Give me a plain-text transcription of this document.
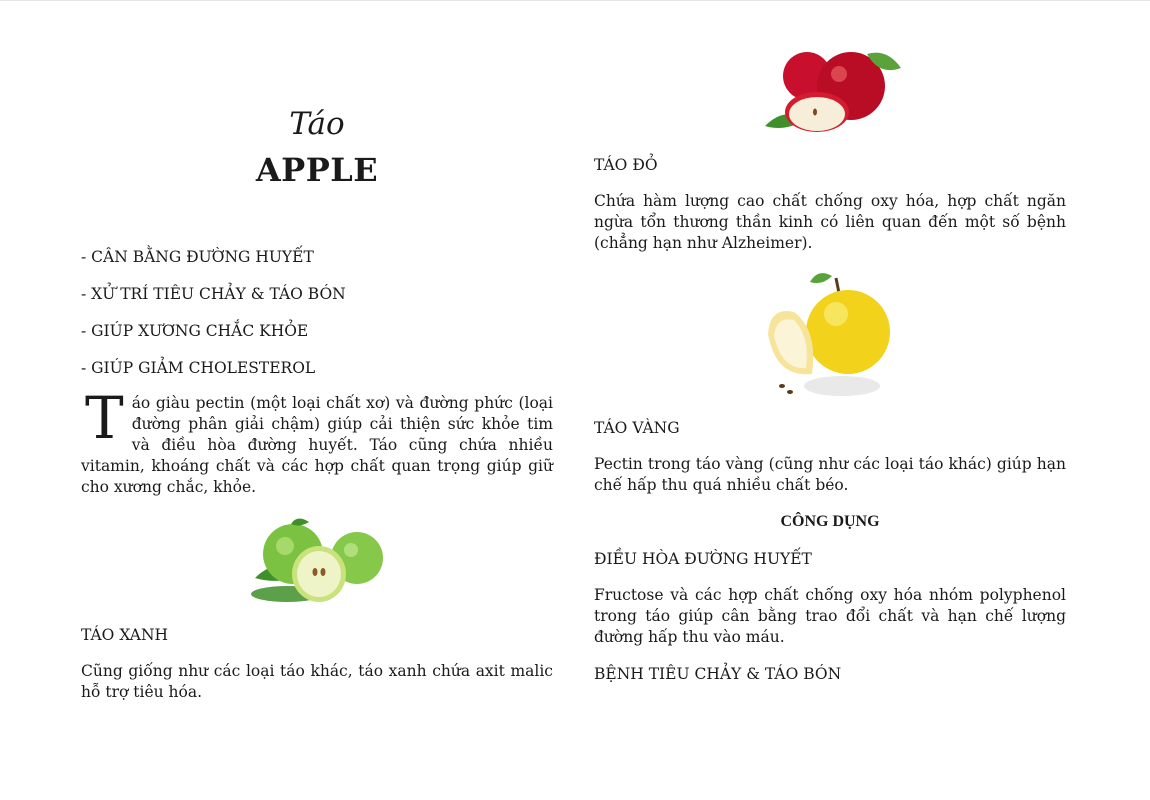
Táo
APPLE

- CÂN BẰNG ĐƯỜNG HUYẾT

- XỬ TRÍ TIÊU CHẢY & TÁO BÓN

- GIÚP XƯƠNG CHẮC KHỎE

- GIÚP GIẢM CHOLESTEROL

Táo giàu pectin (một loại chất xơ) và đường phức (loại đường phân giải chậm) giúp cải thiện sức khỏe tim và điều hòa đường huyết. Táo cũng chứa nhiều vitamin, khoáng chất và các hợp chất quan trọng giúp giữ cho xương chắc, khỏe.

TÁO XANH

Cũng giống như các loại táo khác, táo xanh chứa axit malic hỗ trợ tiêu hóa.

TÁO ĐỎ

Chứa hàm lượng cao chất chống oxy hóa, hợp chất ngăn ngừa tổn thương thần kinh có liên quan đến một số bệnh (chẳng hạn như Alzheimer).

TÁO VÀNG

Pectin trong táo vàng (cũng như các loại táo khác) giúp hạn chế hấp thu quá nhiều chất béo.

CÔNG DỤNG

ĐIỀU HÒA ĐƯỜNG HUYẾT

Fructose và các hợp chất chống oxy hóa nhóm polyphenol trong táo giúp cân bằng trao đổi chất và hạn chế lượng đường hấp thu vào máu.

BỆNH TIÊU CHẢY & TÁO BÓN
